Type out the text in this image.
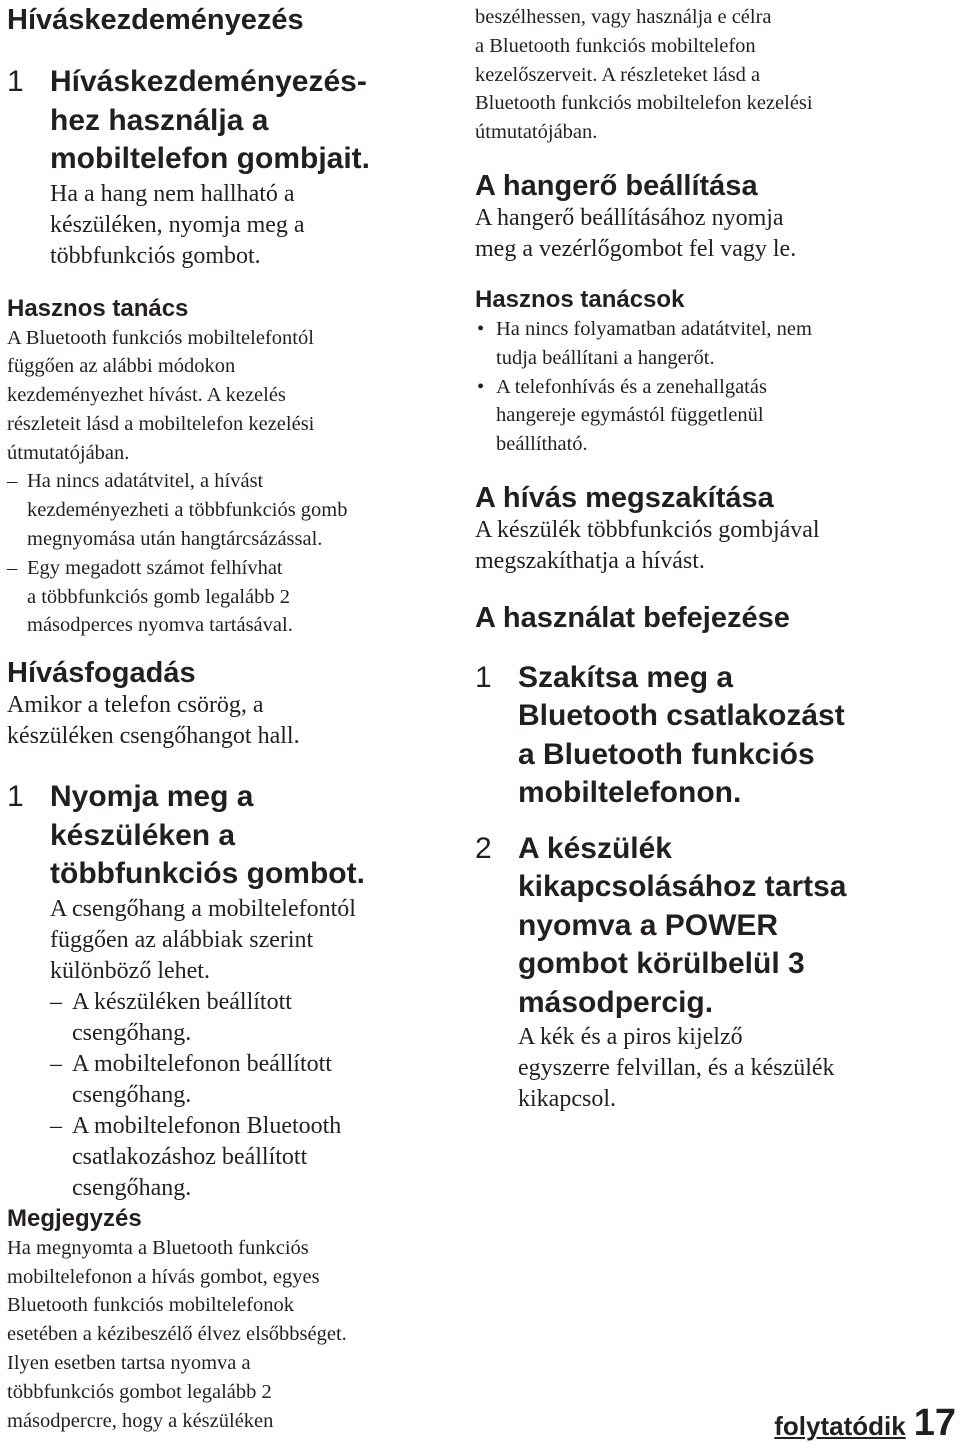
Híváskezdeményezés
1 Híváskezdeményezés-
hez használja a
mobiltelefon gombjait.

Ha a hang nem hallható a
készüléken, nyomja meg a
többfunkciós gombot.

Hasznos tanács

A Bluetooth funkciós mobiltelefontól
függően az alábbi módokon
kezdeményezhet hívást. A kezelés
részleteit lásd a mobiltelefon kezelési
útmutatójában.

– Ha nincs adatátvitel, a hívást
kezdeményezheti a többfunkciós gomb
megnyomása után hangtárcsázással.
– Egy megadott számot felhívhat
a többfunkciós gomb legalább 2
másodperces nyomva tartásával.
Hívásfogadás

Amikor a telefon csörög, a
készüléken csengőhangot hall.

1 Nyomja meg a
készüléken a
többfunkciós gombot.

A csengőhang a mobiltelefontól
függően az alábbiak szerint
különböző lehet.

– A készüléken beállított
csengőhang.
– A mobiltelefonon beállított
csengőhang.
– A mobiltelefonon Bluetooth
csatlakozáshoz beállított
csengőhang.

Megjegyzés

Ha megnyomta a Bluetooth funkciós
mobiltelefonon a hívás gombot, egyes
Bluetooth funkciós mobiltelefonok
esetében a kézibeszélő élvez elsőbbséget.
Ilyen esetben tartsa nyomva a
többfunkciós gombot legalább 2
másodpercre, hogy a készüléken

beszélhessen, vagy használja e célra
a Bluetooth funkciós mobiltelefon
kezelőszerveit. A részleteket lásd a
Bluetooth funkciós mobiltelefon kezelési
útmutatójában.

A hangerő beállítása

A hangerő beállításához nyomja
meg a vezérlőgombot fel vagy le.

Hasznos tanácsok

• Ha nincs folyamatban adatátvitel, nem
tudja beállítani a hangerőt.
• A telefonhívás és a zenehallgatás
hangereje egymástól függetlenül
beállítható.
A hívás megszakítása

A készülék többfunkciós gombjával
megszakíthatja a hívást.

A használat befejezése
1 Szakítsa meg a
Bluetooth csatlakozást
a Bluetooth funkciós
mobiltelefonon.

2 A készülék
kikapcsolásához tartsa
nyomva a POWER
gombot körülbelül 3
másodpercig.

A kék és a piros kijelző
egyszerre felvillan, és a készülék
kikapcsol.

folytatódik 17
